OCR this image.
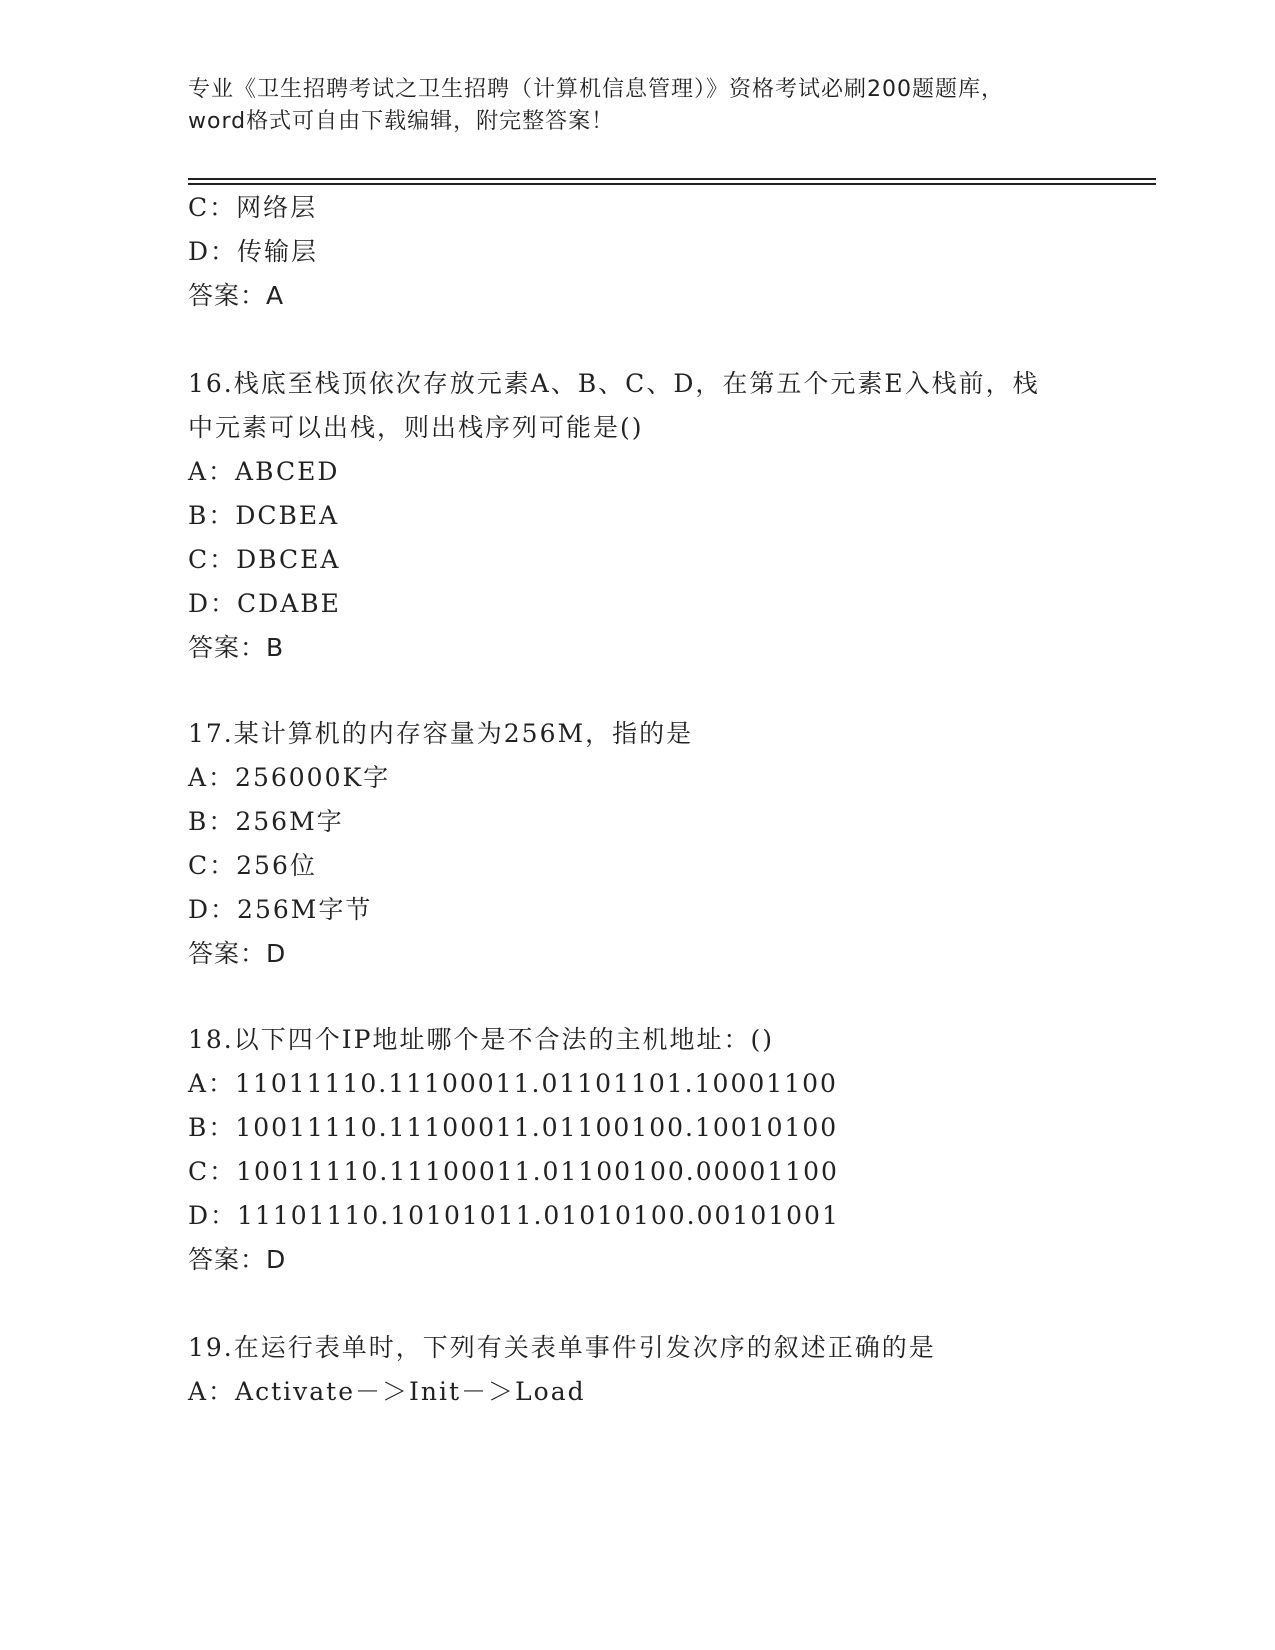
专业《卫生招聘考试之卫生招聘（计算机信息管理）》资格考试必刷200题题库，
word格式可自由下载编辑，附完整答案！
C：网络层
D：传输层
答案：A
16.栈底至栈顶依次存放元素A、B、C、D，在第五个元素E入栈前，栈
中元素可以出栈，则出栈序列可能是()
A：ABCED
B：DCBEA
C：DBCEA
D：CDABE
答案：B
17.某计算机的内存容量为256M，指的是
A：256000K字
B：256M字
C：256位
D：256M字节
答案：D
18.以下四个IP地址哪个是不合法的主机地址：()
A：11011110.11100011.01101101.10001100
B：10011110.11100011.01100100.10010100
C：10011110.11100011.01100100.00001100
D：11101110.10101011.01010100.00101001
答案：D
19.在运行表单时，下列有关表单事件引发次序的叙述正确的是
A：Activate－＞Init－＞Load
